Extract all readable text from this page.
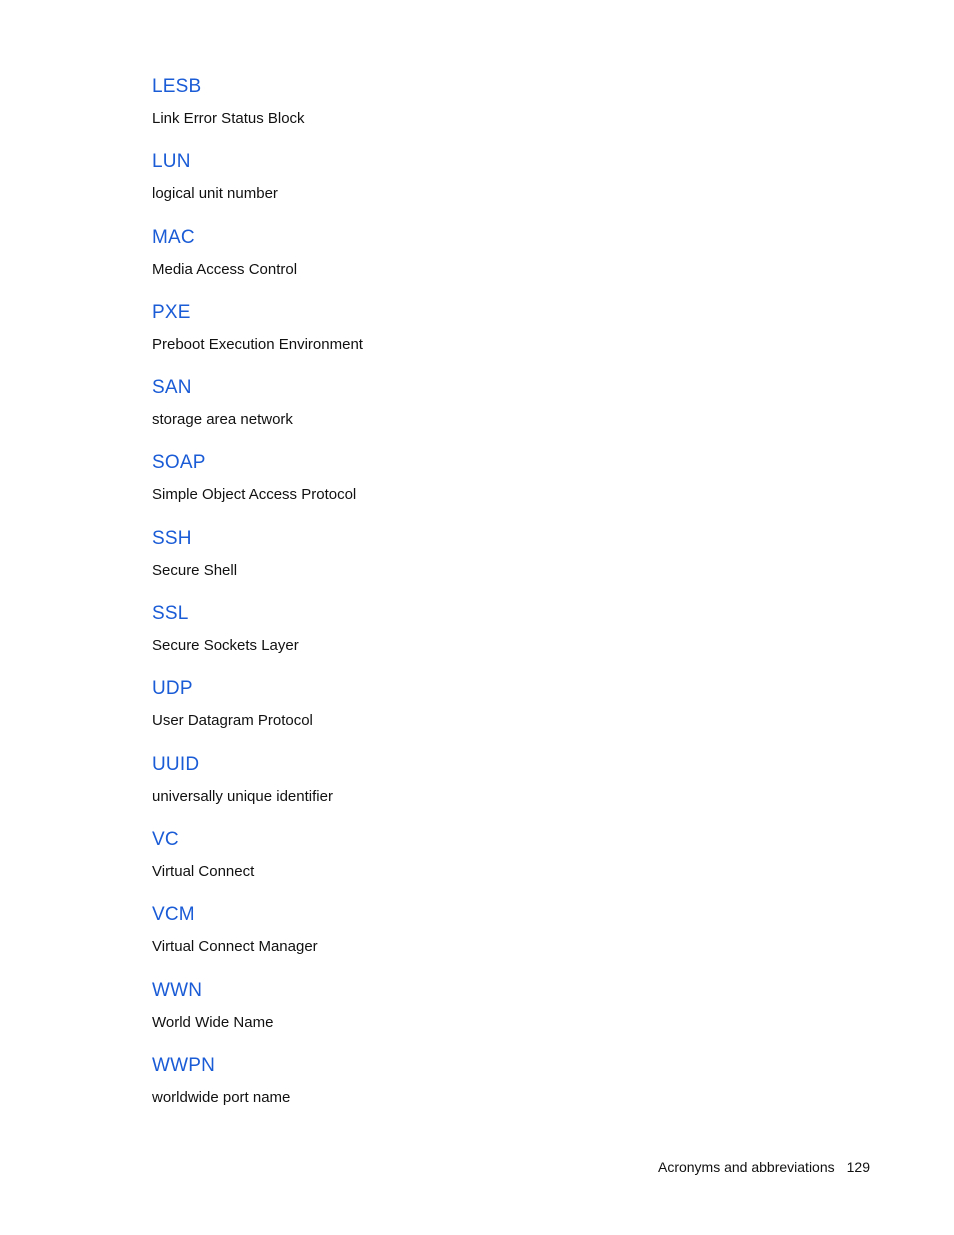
LESB
Link Error Status Block
LUN
logical unit number
MAC
Media Access Control
PXE
Preboot Execution Environment
SAN
storage area network
SOAP
Simple Object Access Protocol
SSH
Secure Shell
SSL
Secure Sockets Layer
UDP
User Datagram Protocol
UUID
universally unique identifier
VC
Virtual Connect
VCM
Virtual Connect Manager
WWN
World Wide Name
WWPN
worldwide port name
Acronyms and abbreviations 129
